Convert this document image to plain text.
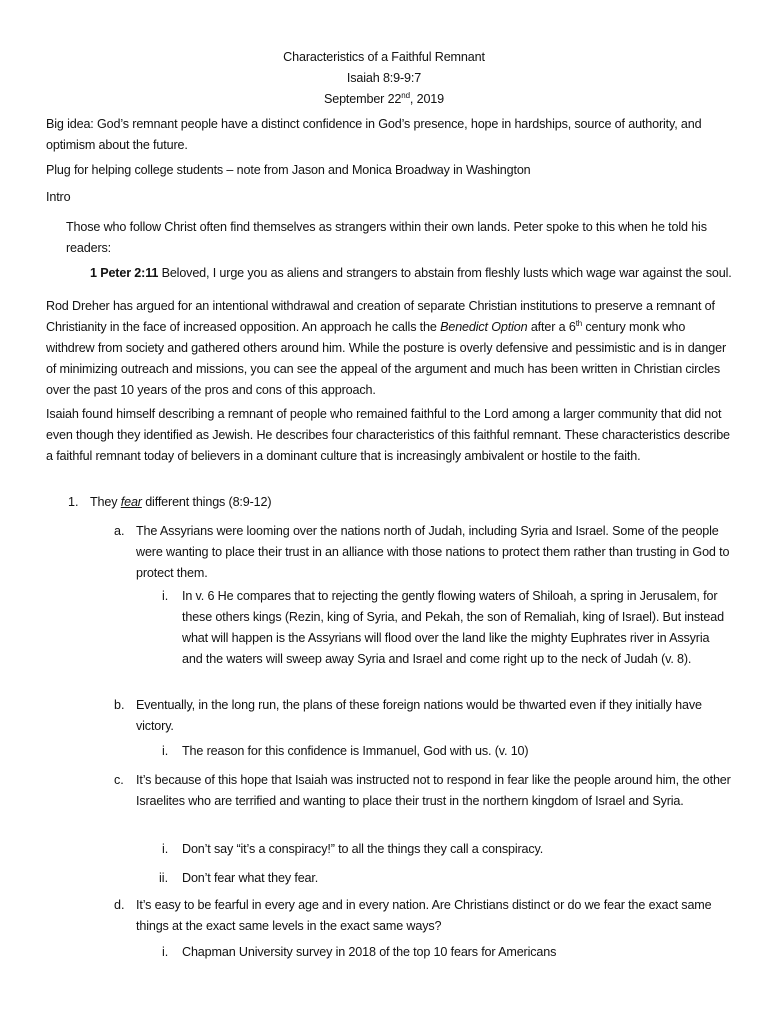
Characteristics of a Faithful Remnant
Isaiah 8:9-9:7
September 22nd, 2019
Big idea: God’s remnant people have a distinct confidence in God’s presence, hope in hardships, source of authority, and optimism about the future.
Plug for helping college students – note from Jason and Monica Broadway in Washington
Intro
Those who follow Christ often find themselves as strangers within their own lands. Peter spoke to this when he told his readers:
1 Peter 2:11 Beloved, I urge you as aliens and strangers to abstain from fleshly lusts which wage war against the soul.
Rod Dreher has argued for an intentional withdrawal and creation of separate Christian institutions to preserve a remnant of Christianity in the face of increased opposition. An approach he calls the Benedict Option after a 6th century monk who withdrew from society and gathered others around him. While the posture is overly defensive and pessimistic and is in danger of minimizing outreach and missions, you can see the appeal of the argument and much has been written in Christian circles over the past 10 years of the pros and cons of this approach.
Isaiah found himself describing a remnant of people who remained faithful to the Lord among a larger community that did not even though they identified as Jewish. He describes four characteristics of this faithful remnant. These characteristics describe a faithful remnant today of believers in a dominant culture that is increasingly ambivalent or hostile to the faith.
1. They fear different things (8:9-12)
a. The Assyrians were looming over the nations north of Judah, including Syria and Israel. Some of the people were wanting to place their trust in an alliance with those nations to protect them rather than trusting in God to protect them.
i. In v. 6 He compares that to rejecting the gently flowing waters of Shiloah, a spring in Jerusalem, for these others kings (Rezin, king of Syria, and Pekah, the son of Remaliah, king of Israel). But instead what will happen is the Assyrians will flood over the land like the mighty Euphrates river in Assyria and the waters will sweep away Syria and Israel and come right up to the neck of Judah (v. 8).
b. Eventually, in the long run, the plans of these foreign nations would be thwarted even if they initially have victory.
i. The reason for this confidence is Immanuel, God with us. (v. 10)
c. It’s because of this hope that Isaiah was instructed not to respond in fear like the people around him, the other Israelites who are terrified and wanting to place their trust in the northern kingdom of Israel and Syria.
i. Don’t say “it’s a conspiracy!” to all the things they call a conspiracy.
ii. Don’t fear what they fear.
d. It’s easy to be fearful in every age and in every nation. Are Christians distinct or do we fear the exact same things at the exact same levels in the exact same ways?
i. Chapman University survey in 2018 of the top 10 fears for Americans
